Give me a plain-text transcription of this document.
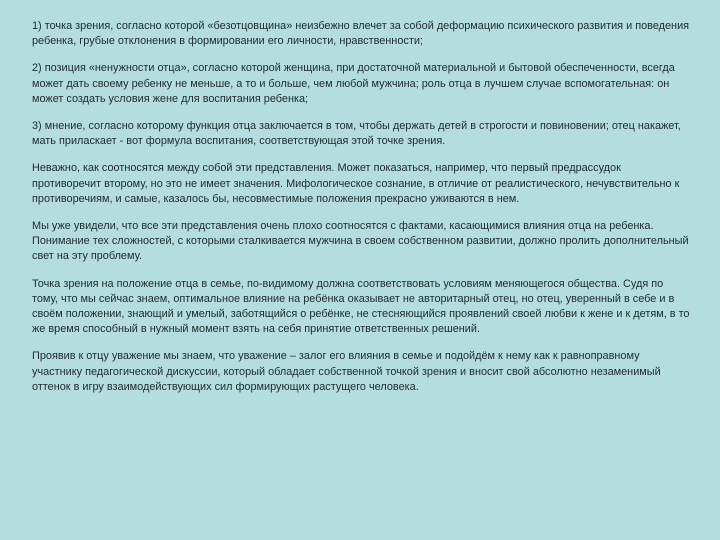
1) точка зрения, согласно которой «безотцовщина» неизбежно влечет за собой деформацию психического развития и поведения ребенка, грубые отклонения в формировании его личности, нравственности;

2) позиция «ненужности отца», согласно которой женщина, при достаточной материальной и бытовой обеспеченности, всегда может дать своему ребенку не меньше, а то и больше, чем любой мужчина; роль отца в лучшем случае вспомогательная: он может создать условия жене для воспитания ребенка;

3) мнение, согласно которому функция отца заключается в том, чтобы держать детей в строгости и повиновении; отец накажет, мать приласкает - вот формула воспитания, соответствующая этой точке зрения.

Неважно, как соотносятся между собой эти представления. Может показаться, например, что первый предрассудок противоречит второму, но это не имеет значения. Мифологическое сознание, в отличие от реалистического, нечувствительно к противоречиям, и самые, казалось бы, несовместимые положения прекрасно уживаются в нем.

Мы уже увидели, что все эти представления очень плохо соотносятся с фактами, касающимися влияния отца на ребенка. Понимание тех сложностей, с которыми сталкивается мужчина в своем собственном развитии, должно пролить дополнительный свет на эту проблему.

Точка зрения на положение отца в семье, по-видимому должна соответствовать условиям меняющегося общества. Судя по тому, что мы сейчас знаем, оптимальное влияние на ребёнка оказывает не авторитарный отец, но отец, уверенный в себе и в своём положении, знающий и умелый, заботящийся о ребёнке, не стесняющийся проявлений своей любви к жене и к детям, в то же время способный в нужный момент взять на себя принятие ответственных решений.

Проявив к отцу уважение мы знаем, что уважение – залог его влияния в семье и подойдём к нему как к равноправному участнику педагогической дискуссии, который обладает собственной точкой зрения и вносит свой абсолютно незаменимый оттенок в игру взаимодействующих сил формирующих растущего человека.
